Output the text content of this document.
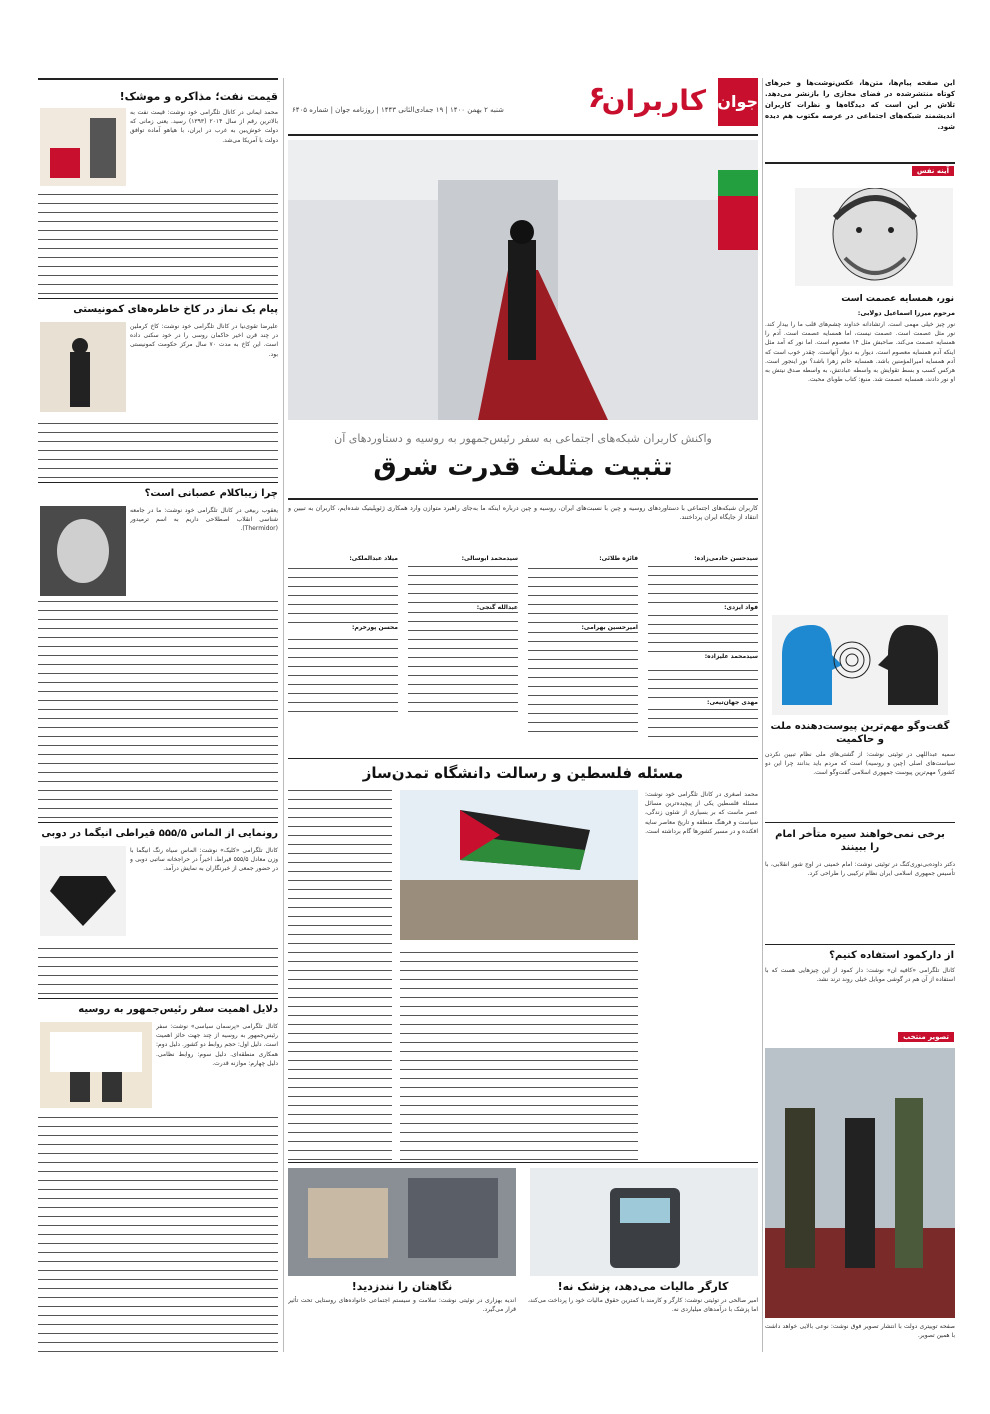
جوان
کاربران
۶
شنبه ۲ بهمن ۱۴۰۰ | ۱۹ جمادی‌الثانی ۱۴۴۳ | روزنامه جوان | شماره ۶۴۰۵
این صفحه پیام‌ها، متن‌ها، عکس‌نوشت‌ها و خبرهای کوتاه منتشرشده در فضای مجازی را بازنشر می‌دهد. تلاش بر این است که دیدگاه‌ها و نظرات کاربران اندیشمند شبکه‌های اجتماعی در عرصه مکتوب هم دیده شود.
آینه نفس
نور، همسایه عصمت است
مرحوم میرزا اسماعیل دولابی:
نور چیز خیلی مهمی است. ارتشادانه خداوند چشم‌های قلب ما را بیدار کند. نور مثل عصمت است. عصمت نیست، اما همسایه عصمت است. آدم را همسایه عصمت می‌کند. صاحبش مثل ۱۴ معصوم است. اما نور که آمد مثل اینکه آدم همسایه معصوم است. دیوار به دیوار آنهاست. چقدر خوب است که آدم همسایه امیرالمؤمنین باشد. همسایه خانم زهرا باشد؟ نور اینجور است. هرکس کسب و بسط تقوایش به واسطه عبادتش، به واسطه صدق نیتش به او نور دادند، همسایه عصمت شد. منبع: کتاب طوبای محبت.
گفت‌وگو مهم‌ترین پیوست‌دهنده ملت و حاکمیت
سمیه عبداللهی در توئیتی نوشت: از گشتی‌های ملی نظام تبیین نکردن سیاست‌های اصلی (چین و روسیه) است که مردم باید بدانند چرا این دو کشور؟ مهم‌ترین پیوست جمهوری اسلامی گفت‌وگو است.
برخی نمی‌خواهند سیره متأخر امام را ببینند
دکتر داوده‌بی‌نوری‌کنگ در توئیتی نوشت: امام خمینی در اوج شور انقلابی، با تأسیس جمهوری اسلامی ایران نظام ترکیبی را طراحی کرد.
از دارکمود استفاده کنیم؟
کانال تلگرامی «کافیه ان» نوشت: دار کمود از این چیزهایی هست که با استفاده از آن هم در گوشی موبایل خیلی روند ترند نشد.
تصویر منتخب
صفحه توییتری دولت با انتشار تصویر فوق نوشت: نوعی بالایی خواهد داشت با همین تصویر.
واکنش کاربران شبکه‌های اجتماعی به سفر رئیس‌جمهور به روسیه و دستاوردهای آن
تثبیت مثلث قدرت شرق
کاربران شبکه‌های اجتماعی با دستاوردهای روسیه و چین با نسبت‌های ایران، روسیه و چین درباره اینکه ما به‌جای راهبرد متوازن وارد همکاری ژئوپلیتیک شده‌ایم، کاربران به تبیین و انتقاد از جایگاه ایران پرداختند.
سیدحسن خادمی‌زاده:
فواد ایزدی:
سیدمحمد علیزاده:
مهدی جهان‌تیغی:
فائزه طلائی:
امیرحسین بهرامی:
سیدمحمد ابوسالی:
عبدالله گنجی:
میلاد عبدالملکی:
محسن پورخرم:
مسئله فلسطین و رسالت دانشگاه تمدن‌ساز
محمد اصغری در کانال تلگرامی خود نوشت: مسئله فلسطین یکی از پیچیده‌ترین مسائل عصر ماست که بر بسیاری از شئون زندگی، سیاست و فرهنگ منطقه و تاریخ معاصر سایه افکنده و در مسیر کشورها گام برداشته است.
نگاهتان را نندزدید!
اندیه بهزاری در توئیتی نوشت: سلامت و سیستم اجتماعی خانواده‌های روستایی تحت تأثیر قرار می‌گیرد.
کارگر مالیات می‌دهد، پزشک نه!
امیر صالحی در توئیتی نوشت: کارگر و کارمند با کمترین حقوق مالیات خود را پرداخت می‌کند، اما پزشک با درآمدهای میلیاردی نه.
قیمت نفت؛ مذاکره و موشک!
محمد ایمانی در کانال تلگرامی خود نوشت: قیمت نفت به بالاترین رقم از سال ۲۰۱۴ (۱۳۹۳) رسید. یعنی زمانی که دولت خوش‌بین به غرب در ایران، با هیاهو آماده توافق دولت با آمریکا می‌شد.
پیام یک نماز در کاخ خاطره‌های کمونیستی
علیرضا تقوی‌نیا در کانال تلگرامی خود نوشت: کاخ کرملین در چند قرن اخیر حاکمان روسی را در خود سکنی داده است. این کاخ به مدت ۷۰ سال مرکز حکومت کمونیستی بود.
چرا زیباکلام عصبانی است؟
یعقوب ربیعی در کانال تلگرامی خود نوشت: ما در جامعه شناسی انقلاب اصطلاحی داریم به اسم ترمیدور (Thermidor).
رونمایی از الماس ۵۵۵/۵ قیراطی انیگما در دوبی
کانال تلگرامی «کلیک» نوشت: الماس سیاه رنگ انیگما با وزن معادل ۵۵۵/۵ قیراط، اخیراً در حراجخانه ساتبی دوبی و در حضور جمعی از خبرنگاران به نمایش درآمد.
دلایل اهمیت سفر رئیس‌جمهور به روسیه
کانال تلگرامی «پرسمان سیاسی» نوشت: سفر رئیس‌جمهور به روسیه از چند جهت حائز اهمیت است. دلیل اول: حجم روابط دو کشور. دلیل دوم: همکاری منطقه‌ای. دلیل سوم: روابط نظامی. دلیل چهارم: موازنه قدرت.
